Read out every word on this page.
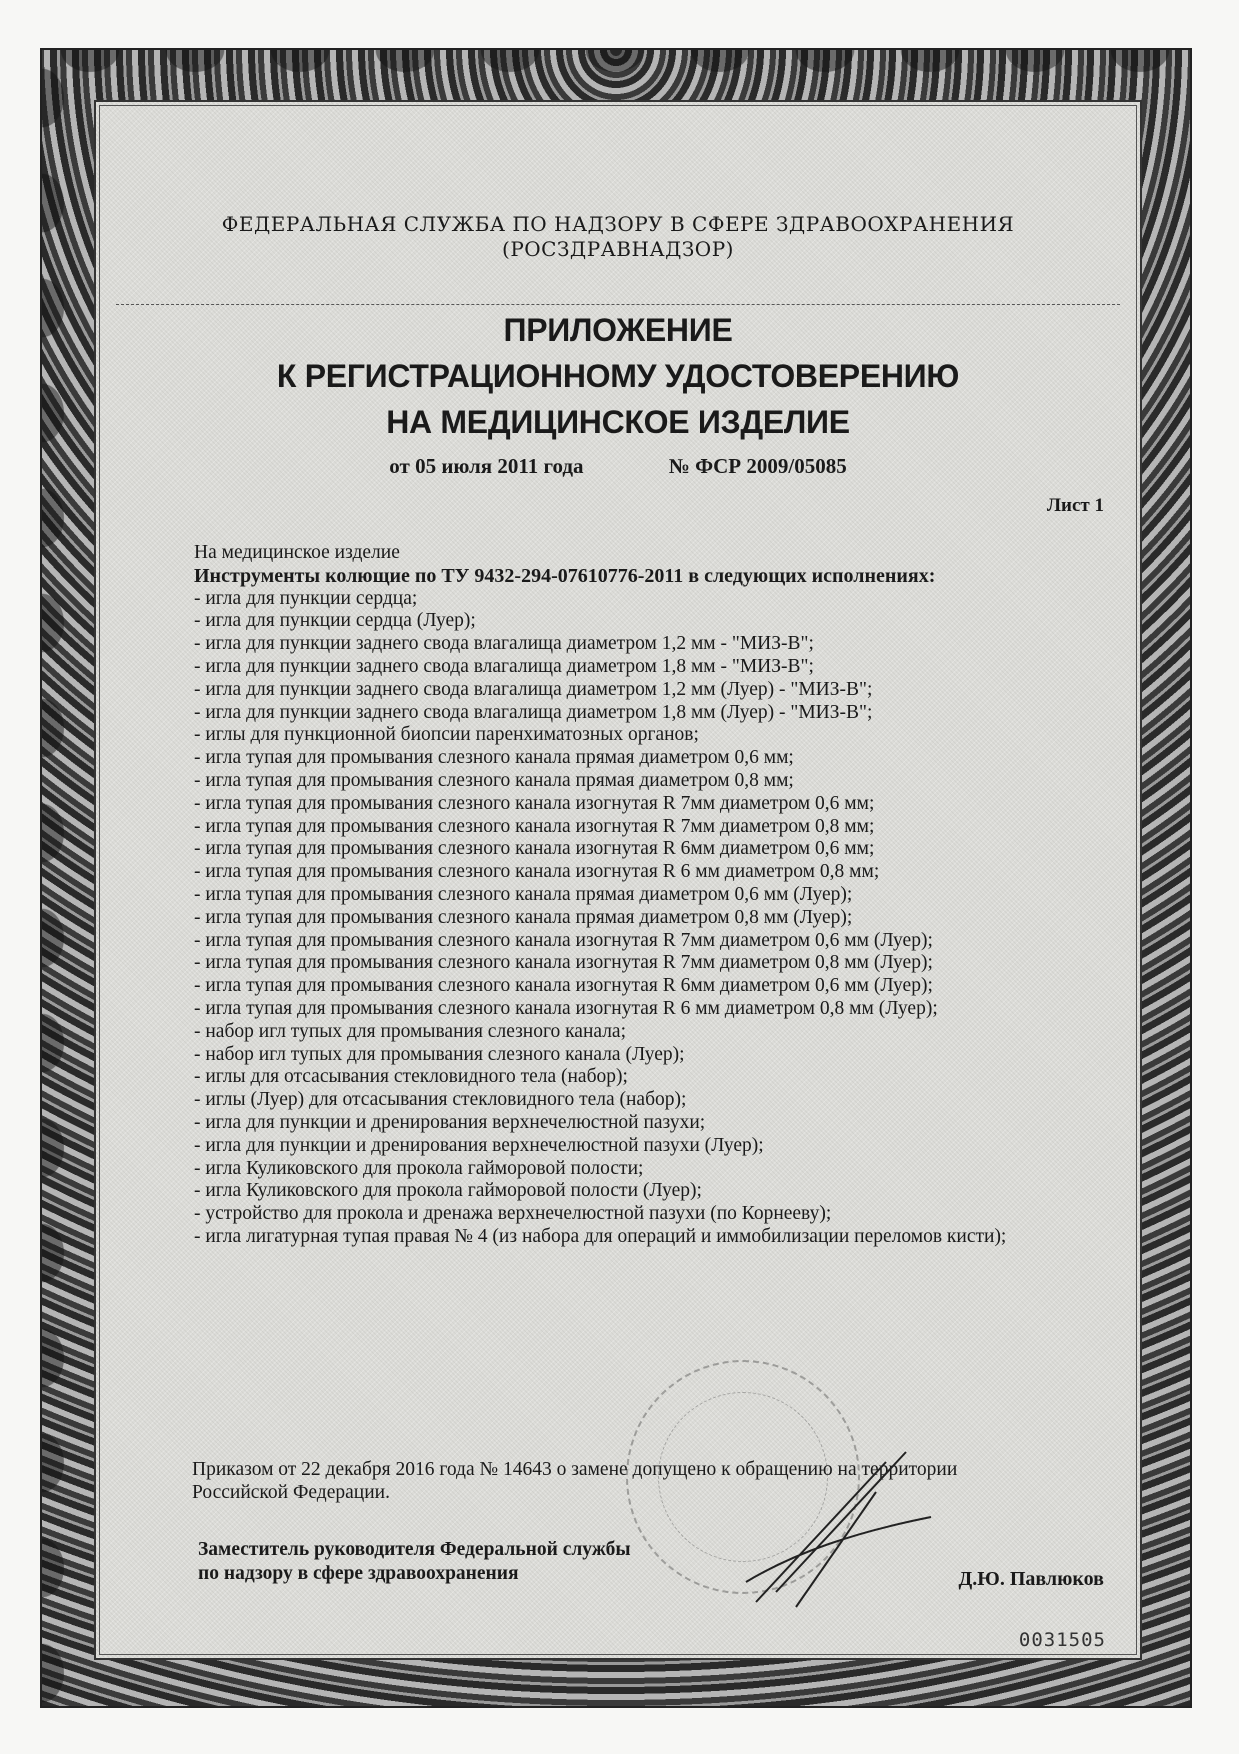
ФЕДЕРАЛЬНАЯ СЛУЖБА ПО НАДЗОРУ В СФЕРЕ ЗДРАВООХРАНЕНИЯ
(РОСЗДРАВНАДЗОР)
ПРИЛОЖЕНИЕ
К РЕГИСТРАЦИОННОМУ УДОСТОВЕРЕНИЮ
НА МЕДИЦИНСКОЕ ИЗДЕЛИЕ
от 05 июля 2011 года	№ ФСР 2009/05085
Лист 1

На медицинское изделие

Инструменты колющие по ТУ 9432-294-07610776-2011 в следующих исполнениях:

- игла для пункции сердца;
- игла для пункции сердца (Луер);
- игла для пункции заднего свода влагалища диаметром 1,2 мм - "МИЗ-В";
- игла для пункции заднего свода влагалища диаметром 1,8 мм - "МИЗ-В";
- игла для пункции заднего свода влагалища диаметром 1,2 мм (Луер) - "МИЗ-В";
- игла для пункции заднего свода влагалища диаметром 1,8 мм (Луер) - "МИЗ-В";
- иглы для пункционной биопсии паренхиматозных органов;
- игла тупая для промывания слезного канала прямая диаметром 0,6 мм;
- игла тупая для промывания слезного канала прямая диаметром 0,8 мм;
- игла тупая для промывания слезного канала изогнутая R 7мм диаметром 0,6 мм;
- игла тупая для промывания слезного канала изогнутая R 7мм диаметром 0,8 мм;
- игла тупая для промывания слезного канала изогнутая R 6мм диаметром 0,6 мм;
- игла тупая для промывания слезного канала изогнутая R 6 мм диаметром 0,8 мм;
- игла тупая для промывания слезного канала прямая диаметром 0,6 мм (Луер);
- игла тупая для промывания слезного канала прямая диаметром 0,8 мм (Луер);
- игла тупая для промывания слезного канала изогнутая R 7мм диаметром 0,6 мм (Луер);
- игла тупая для промывания слезного канала изогнутая R 7мм диаметром 0,8 мм (Луер);
- игла тупая для промывания слезного канала изогнутая R 6мм диаметром 0,6 мм (Луер);
- игла тупая для промывания слезного канала изогнутая R 6 мм диаметром 0,8 мм (Луер);
- набор игл тупых для промывания слезного канала;
- набор игл тупых для промывания слезного канала (Луер);
- иглы для отсасывания стекловидного тела (набор);
- иглы (Луер) для отсасывания стекловидного тела (набор);
- игла для пункции и дренирования верхнечелюстной пазухи;
- игла для пункции и дренирования верхнечелюстной пазухи (Луер);
- игла Куликовского для прокола гайморовой полости;
- игла Куликовского для прокола гайморовой полости (Луер);
- устройство для прокола и дренажа верхнечелюстной пазухи (по Корнееву);
- игла лигатурная тупая правая № 4 (из набора для операций и иммобилизации переломов кисти);
Приказом от 22 декабря 2016 года № 14643 о замене допущено к обращению на территории Российской Федерации.
Заместитель руководителя Федеральной службы
по надзору в сфере здравоохранения	Д.Ю. Павлюков
0031505
